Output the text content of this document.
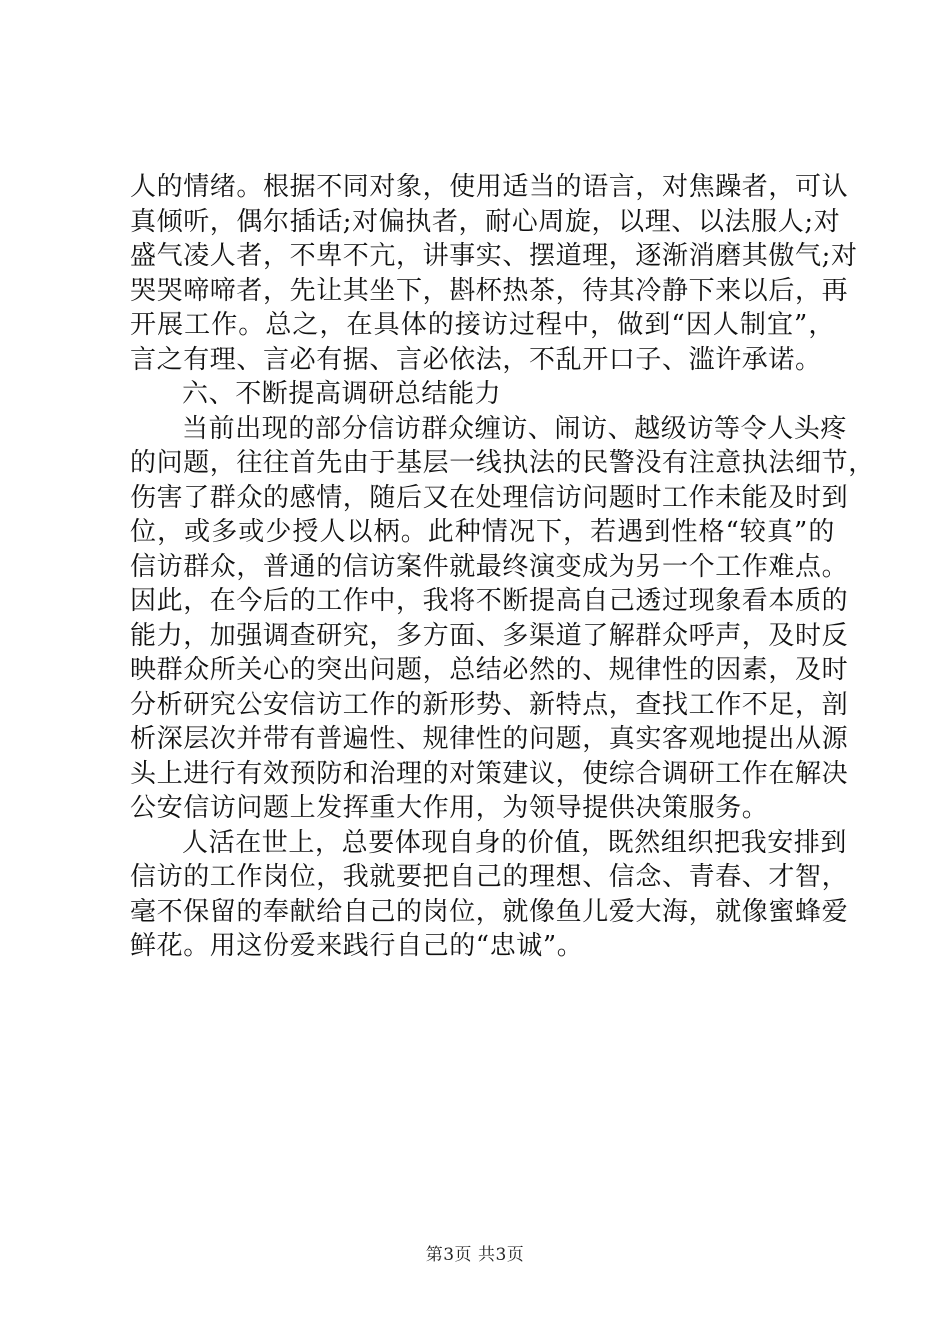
人的情绪。根据不同对象，使用适当的语言，对焦躁者，可认
真倾听，偶尔插话;对偏执者，耐心周旋，以理、以法服人;对
盛气凌人者，不卑不亢，讲事实、摆道理，逐渐消磨其傲气;对
哭哭啼啼者，先让其坐下，斟杯热茶，待其冷静下来以后，再
开展工作。总之，在具体的接访过程中，做到“因人制宜”，
言之有理、言必有据、言必依法，不乱开口子、滥许承诺。
六、不断提高调研总结能力
当前出现的部分信访群众缠访、闹访、越级访等令人头疼
的问题，往往首先由于基层一线执法的民警没有注意执法细节，
伤害了群众的感情，随后又在处理信访问题时工作未能及时到
位，或多或少授人以柄。此种情况下，若遇到性格“较真”的
信访群众，普通的信访案件就最终演变成为另一个工作难点。
因此，在今后的工作中，我将不断提高自己透过现象看本质的
能力，加强调查研究，多方面、多渠道了解群众呼声，及时反
映群众所关心的突出问题，总结必然的、规律性的因素，及时
分析研究公安信访工作的新形势、新特点，查找工作不足，剖
析深层次并带有普遍性、规律性的问题，真实客观地提出从源
头上进行有效预防和治理的对策建议，使综合调研工作在解决
公安信访问题上发挥重大作用，为领导提供决策服务。
人活在世上，总要体现自身的价值，既然组织把我安排到
信访的工作岗位，我就要把自己的理想、信念、青春、才智，
毫不保留的奉献给自己的岗位，就像鱼儿爱大海，就像蜜蜂爱
鲜花。用这份爱来践行自己的“忠诚”。
第3页 共3页
